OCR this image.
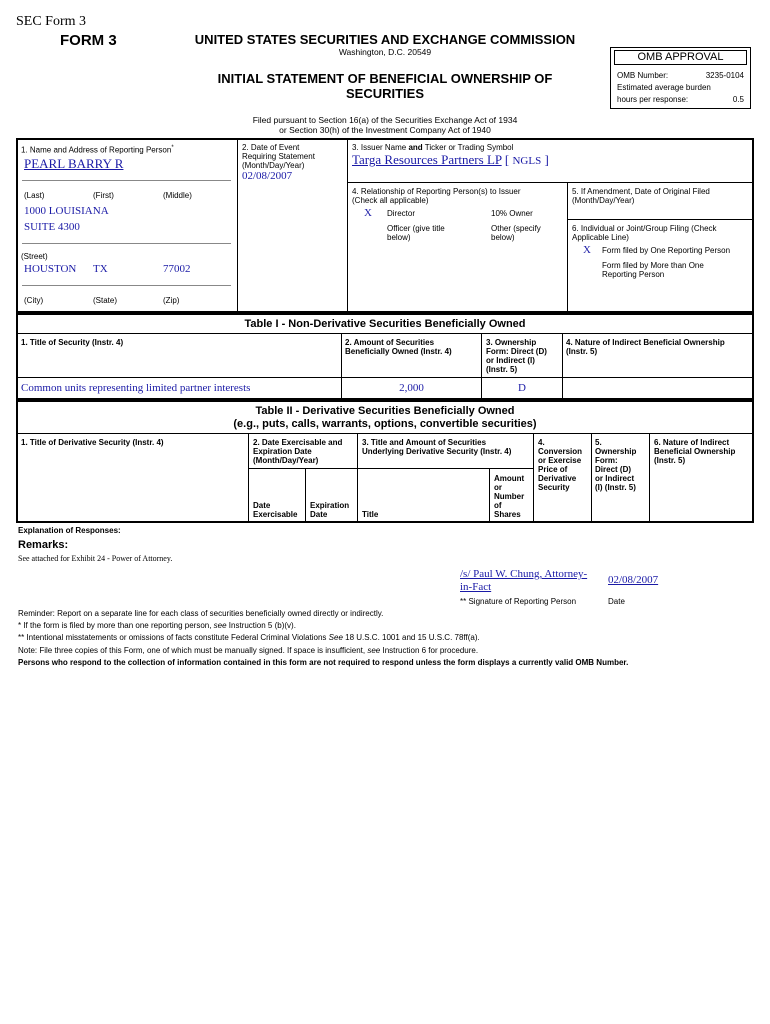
SEC Form 3
FORM 3	UNITED STATES SECURITIES AND EXCHANGE COMMISSION
Washington, D.C. 20549
INITIAL STATEMENT OF BENEFICIAL OWNERSHIP OF
SECURITIES
Filed pursuant to Section 16(a) of the Securities Exchange Act of 1934
or Section 30(h) of the Investment Company Act of 1940
OMB APPROVAL
OMB Number:	3235-0104
Estimated average burden
hours per response:	0.5
1. Name and Address of Reporting Person*
PEARL BARRY R
(Last)	(First)	(Middle)
1000 LOUISIANA
SUITE 4300
(Street)
HOUSTON TX	77002
(City)	(State)	(Zip)
2. Date of Event
Requiring Statement
(Month/Day/Year)
02/08/2007
3. Issuer Name and Ticker or Trading Symbol
Targa Resources Partners LP [ NGLS ]
4. Relationship of Reporting Person(s) to Issuer
(Check all applicable)
X Director	10% Owner
Officer (give title
below)
Other (specify
below)
5. If Amendment, Date of Original Filed
(Month/Day/Year)
6. Individual or Joint/Group Filing (Check
Applicable Line)
X Form filed by One Reporting Person
Form filed by More than One
Reporting Person
Table I - Non-Derivative Securities Beneficially Owned
1. Title of Security (Instr. 4)	2. Amount of Securities
Beneficially Owned (Instr. 4)
3. Ownership
Form: Direct (D)
or Indirect (I)
(Instr. 5)
4. Nature of Indirect Beneficial Ownership
(Instr. 5)
Common units representing limited partner interests	2,000	D
Table II - Derivative Securities Beneficially Owned
(e.g., puts, calls, warrants, options, convertible securities)
1. Title of Derivative Security (Instr. 4)	2. Date Exercisable and
Expiration Date
(Month/Day/Year)
3. Title and Amount of Securities
Underlying Derivative Security (Instr. 4)
4.
Conversion
or Exercise
Price of
Derivative
Security
5.
Ownership
Form:
Direct (D)
or Indirect
(I) (Instr. 5)
6. Nature of Indirect
Beneficial Ownership
(Instr. 5)
Date
Exercisable
Expiration
Date	Title
Amount
or
Number
of
Shares
Explanation of Responses:
Remarks:
See attached for Exhibit 24 - Power of Attorney.
/s/ Paul W. Chung, Attorney-
in-Fact
02/08/2007
** Signature of Reporting Person	Date
Reminder: Report on a separate line for each class of securities beneficially owned directly or indirectly.
* If the form is filed by more than one reporting person, see Instruction 5 (b)(v).
** Intentional misstatements or omissions of facts constitute Federal Criminal Violations See 18 U.S.C. 1001 and 15 U.S.C. 78ff(a).
Note: File three copies of this Form, one of which must be manually signed. If space is insufficient, see Instruction 6 for procedure.
Persons who respond to the collection of information contained in this form are not required to respond unless the form displays a currently valid OMB Number.
